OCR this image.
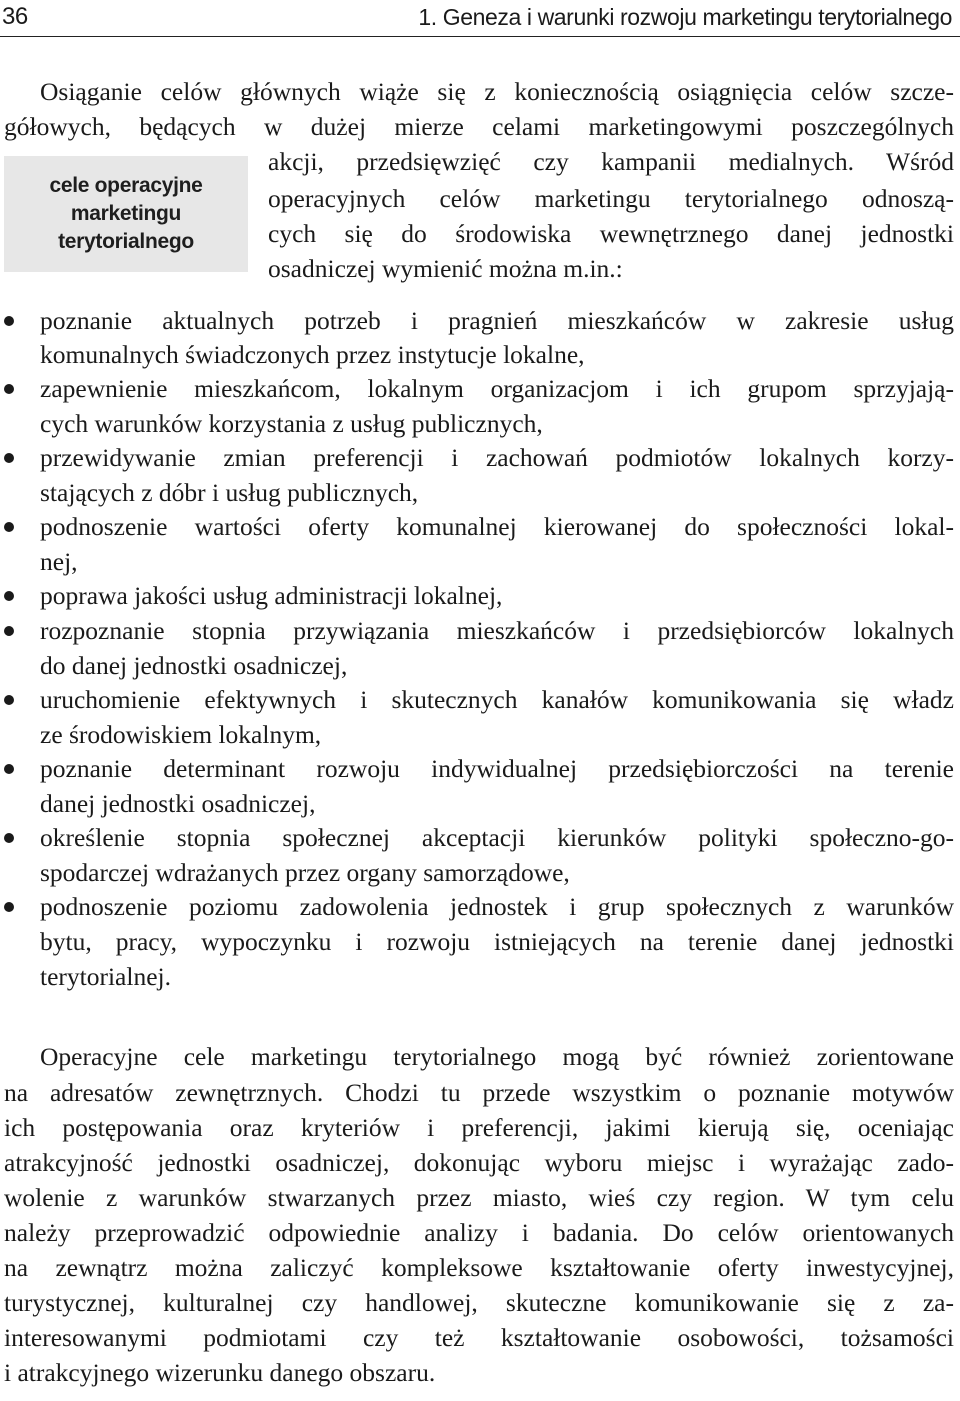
36	1. Geneza i warunki rozwoju marketingu terytorialnego
cele operacyjne
marketingu
terytorialnego
Osiąganie celów głównych wiąże się z koniecznością osiągnięcia celów szcze-
gółowych, będących w dużej mierze celami marketingowymi poszczególnych
akcji, przedsięwzięć czy kampanii medialnych. Wśród
operacyjnych celów marketingu terytorialnego odnoszą-
cych się do środowiska wewnętrznego danej jednostki
osadniczej wymienić można m.in.:
poznanie aktualnych potrzeb i pragnień mieszkańców w zakresie usług
komunalnych świadczonych przez instytucje lokalne,
zapewnienie mieszkańcom, lokalnym organizacjom i ich grupom sprzyjają-
cych warunków korzystania z usług publicznych,
przewidywanie zmian preferencji i zachowań podmiotów lokalnych korzy-
stających z dóbr i usług publicznych,
podnoszenie wartości oferty komunalnej kierowanej do społeczności lokal-
nej,
poprawa jakości usług administracji lokalnej,
rozpoznanie stopnia przywiązania mieszkańców i przedsiębiorców lokalnych
do danej jednostki osadniczej,
uruchomienie efektywnych i skutecznych kanałów komunikowania się władz
ze środowiskiem lokalnym,
poznanie determinant rozwoju indywidualnej przedsiębiorczości na terenie
danej jednostki osadniczej,
określenie stopnia społecznej akceptacji kierunków polityki społeczno-go-
spodarczej wdrażanych przez organy samorządowe,
podnoszenie poziomu zadowolenia jednostek i grup społecznych z warunków
bytu, pracy, wypoczynku i rozwoju istniejących na terenie danej jednostki
terytorialnej.
Operacyjne cele marketingu terytorialnego mogą być również zorientowane
na adresatów zewnętrznych. Chodzi tu przede wszystkim o poznanie motywów
ich postępowania oraz kryteriów i preferencji, jakimi kierują się, oceniając
atrakcyjność jednostki osadniczej, dokonując wyboru miejsc i wyrażając zado-
wolenie z warunków stwarzanych przez miasto, wieś czy region. W tym celu
należy przeprowadzić odpowiednie analizy i badania. Do celów orientowanych
na zewnątrz można zaliczyć kompleksowe kształtowanie oferty inwestycyjnej,
turystycznej, kulturalnej czy handlowej, skuteczne komunikowanie się z za-
interesowanymi podmiotami czy też kształtowanie osobowości, tożsamości
i atrakcyjnego wizerunku danego obszaru.
